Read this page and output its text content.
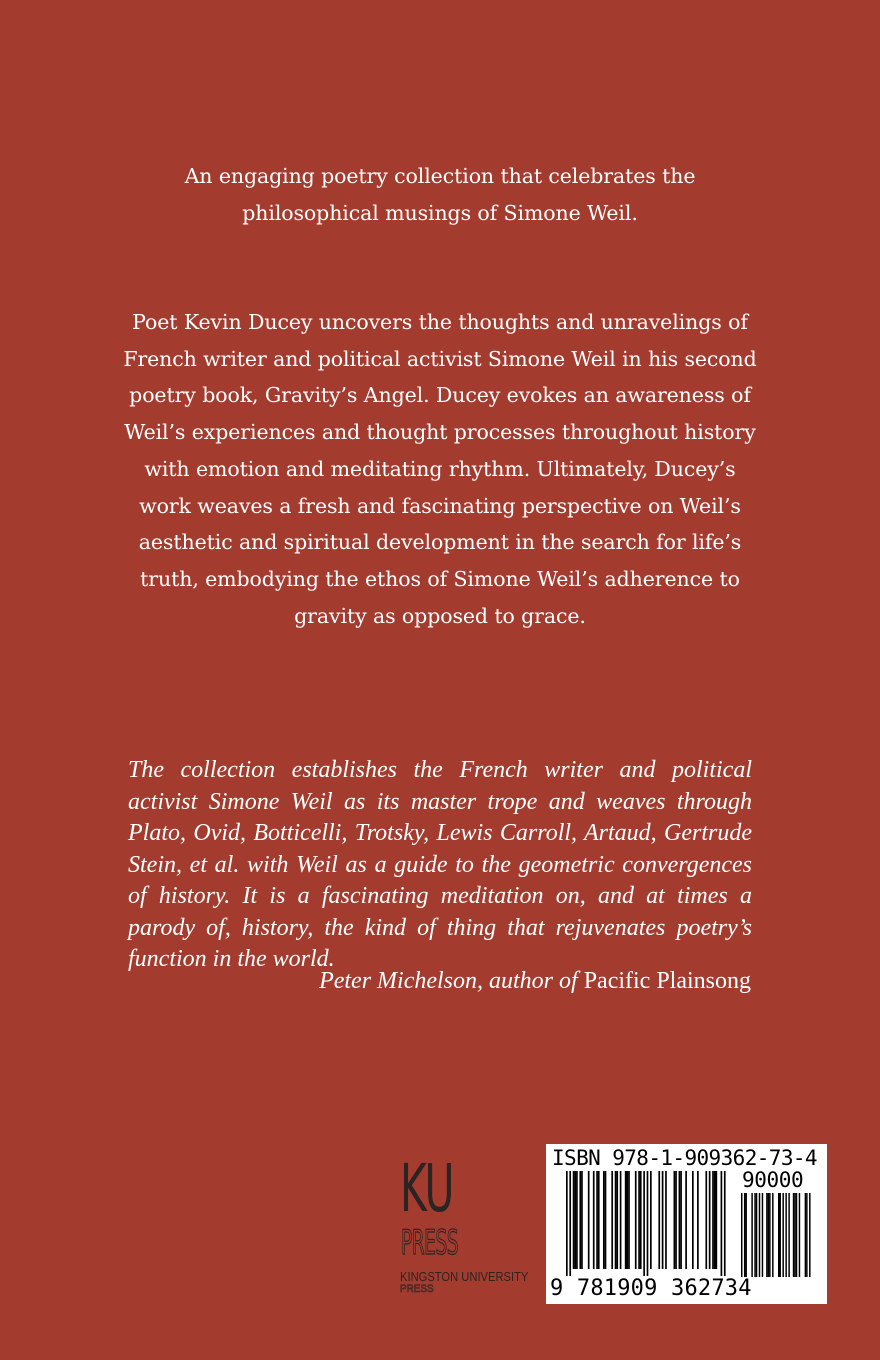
An engaging poetry collection that celebrates the

philosophical musings of Simone Weil.

Poet Kevin Ducey uncovers the thoughts and unravelings of

French writer and political activist Simone Weil in his second

poetry book, Gravity’s Angel. Ducey evokes an awareness of

Weil’s experiences and thought processes throughout history

with emotion and meditating rhythm. Ultimately, Ducey’s

work weaves a fresh and fascinating perspective on Weil’s

aesthetic and spiritual development in the search for life’s

truth, embodying the ethos of Simone Weil’s adherence to

gravity as opposed to grace.

The collection establishes the French writer and political activist Simone Weil as its master trope and weaves through Plato, Ovid, Botticelli, Trotsky, Lewis Carroll, Artaud, Gertrude Stein, et al. with Weil as a guide to the geometric convergences of history. It is a fascinating meditation on, and at times a parody of, history, the kind of thing that rejuvenates poetry’s function in the world.

Peter Michelson, author of Pacific Plainsong
KU
PRESS
KINGSTON UNIVERSITY
PRESS
ISBN 978-1-909362-73-4
90000
9 781909 362734
